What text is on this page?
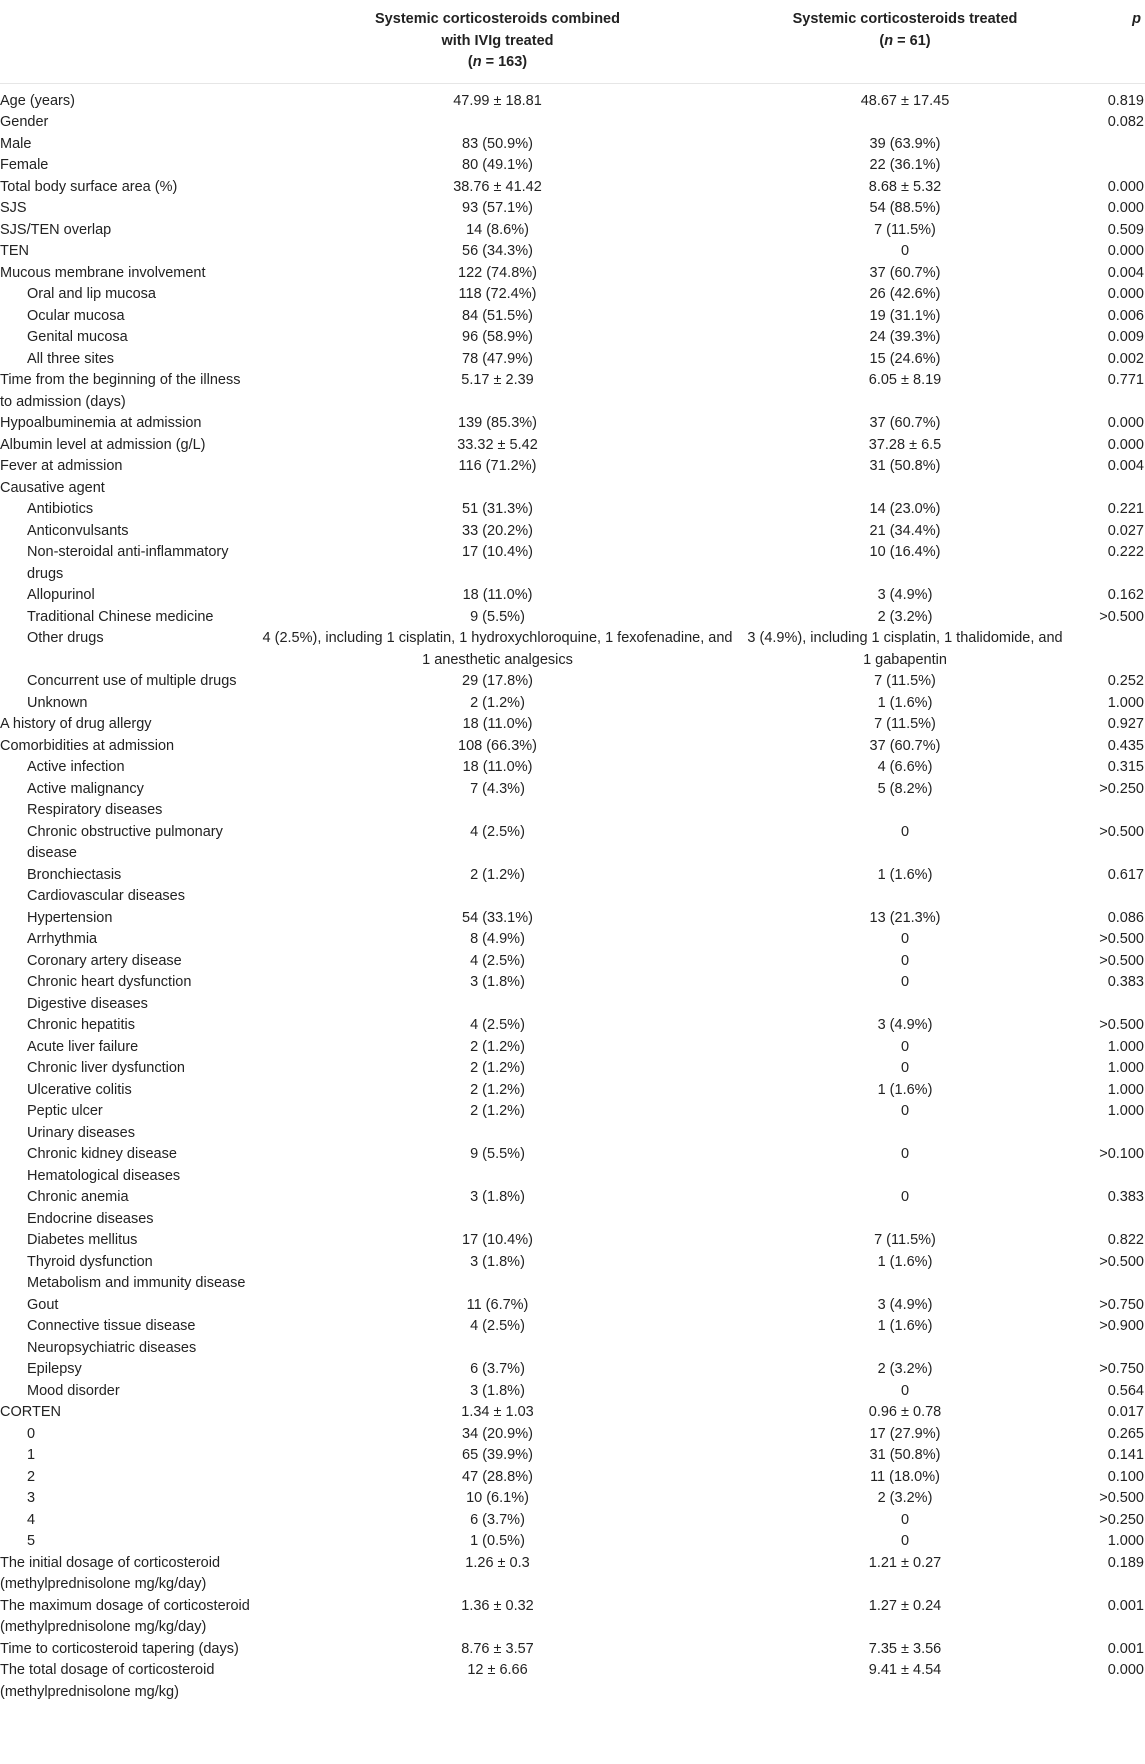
	Systemic corticosteroids combined
with IVIg treated
(n = 163)	Systemic corticosteroids treated
(n = 61)	p
Age (years)	47.99 ± 18.81	48.67 ± 17.45	0.819
Gender			0.082
Male	83 (50.9%)	39 (63.9%)	
Female	80 (49.1%)	22 (36.1%)	
Total body surface area (%)	38.76 ± 41.42	8.68 ± 5.32	0.000
SJS	93 (57.1%)	54 (88.5%)	0.000
SJS/TEN overlap	14 (8.6%)	7 (11.5%)	0.509
TEN	56 (34.3%)	0	0.000
Mucous membrane involvement	122 (74.8%)	37 (60.7%)	0.004
Oral and lip mucosa	118 (72.4%)	26 (42.6%)	0.000
Ocular mucosa	84 (51.5%)	19 (31.1%)	0.006
Genital mucosa	96 (58.9%)	24 (39.3%)	0.009
All three sites	78 (47.9%)	15 (24.6%)	0.002
Time from the beginning of the illness to admission (days)	5.17 ± 2.39	6.05 ± 8.19	0.771
Hypoalbuminemia at admission	139 (85.3%)	37 (60.7%)	0.000
Albumin level at admission (g/L)	33.32 ± 5.42	37.28 ± 6.5	0.000
Fever at admission	116 (71.2%)	31 (50.8%)	0.004
Causative agent			
Antibiotics	51 (31.3%)	14 (23.0%)	0.221
Anticonvulsants	33 (20.2%)	21 (34.4%)	0.027
Non-steroidal anti-inflammatory drugs	17 (10.4%)	10 (16.4%)	0.222
Allopurinol	18 (11.0%)	3 (4.9%)	0.162
Traditional Chinese medicine	9 (5.5%)	2 (3.2%)	>0.500
Other drugs	4 (2.5%), including 1 cisplatin, 1 hydroxychloroquine, 1 fexofenadine, and 1 anesthetic analgesics	3 (4.9%), including 1 cisplatin, 1 thalidomide, and 1 gabapentin	
Concurrent use of multiple drugs	29 (17.8%)	7 (11.5%)	0.252
Unknown	2 (1.2%)	1 (1.6%)	1.000
A history of drug allergy	18 (11.0%)	7 (11.5%)	0.927
Comorbidities at admission	108 (66.3%)	37 (60.7%)	0.435
Active infection	18 (11.0%)	4 (6.6%)	0.315
Active malignancy	7 (4.3%)	5 (8.2%)	>0.250
Respiratory diseases			
Chronic obstructive pulmonary disease	4 (2.5%)	0	>0.500
Bronchiectasis	2 (1.2%)	1 (1.6%)	0.617
Cardiovascular diseases			
Hypertension	54 (33.1%)	13 (21.3%)	0.086
Arrhythmia	8 (4.9%)	0	>0.500
Coronary artery disease	4 (2.5%)	0	>0.500
Chronic heart dysfunction	3 (1.8%)	0	0.383
Digestive diseases			
Chronic hepatitis	4 (2.5%)	3 (4.9%)	>0.500
Acute liver failure	2 (1.2%)	0	1.000
Chronic liver dysfunction	2 (1.2%)	0	1.000
Ulcerative colitis	2 (1.2%)	1 (1.6%)	1.000
Peptic ulcer	2 (1.2%)	0	1.000
Urinary diseases			
Chronic kidney disease	9 (5.5%)	0	>0.100
Hematological diseases			
Chronic anemia	3 (1.8%)	0	0.383
Endocrine diseases			
Diabetes mellitus	17 (10.4%)	7 (11.5%)	0.822
Thyroid dysfunction	3 (1.8%)	1 (1.6%)	>0.500
Metabolism and immunity disease			
Gout	11 (6.7%)	3 (4.9%)	>0.750
Connective tissue disease	4 (2.5%)	1 (1.6%)	>0.900
Neuropsychiatric diseases			
Epilepsy	6 (3.7%)	2 (3.2%)	>0.750
Mood disorder	3 (1.8%)	0	0.564
CORTEN	1.34 ± 1.03	0.96 ± 0.78	0.017
0	34 (20.9%)	17 (27.9%)	0.265
1	65 (39.9%)	31 (50.8%)	0.141
2	47 (28.8%)	11 (18.0%)	0.100
3	10 (6.1%)	2 (3.2%)	>0.500
4	6 (3.7%)	0	>0.250
5	1 (0.5%)	0	1.000
The initial dosage of corticosteroid (methylprednisolone mg/kg/day)	1.26 ± 0.3	1.21 ± 0.27	0.189
The maximum dosage of corticosteroid (methylprednisolone mg/kg/day)	1.36 ± 0.32	1.27 ± 0.24	0.001
Time to corticosteroid tapering (days)	8.76 ± 3.57	7.35 ± 3.56	0.001
The total dosage of corticosteroid (methylprednisolone mg/kg)	12 ± 6.66	9.41 ± 4.54	0.000
